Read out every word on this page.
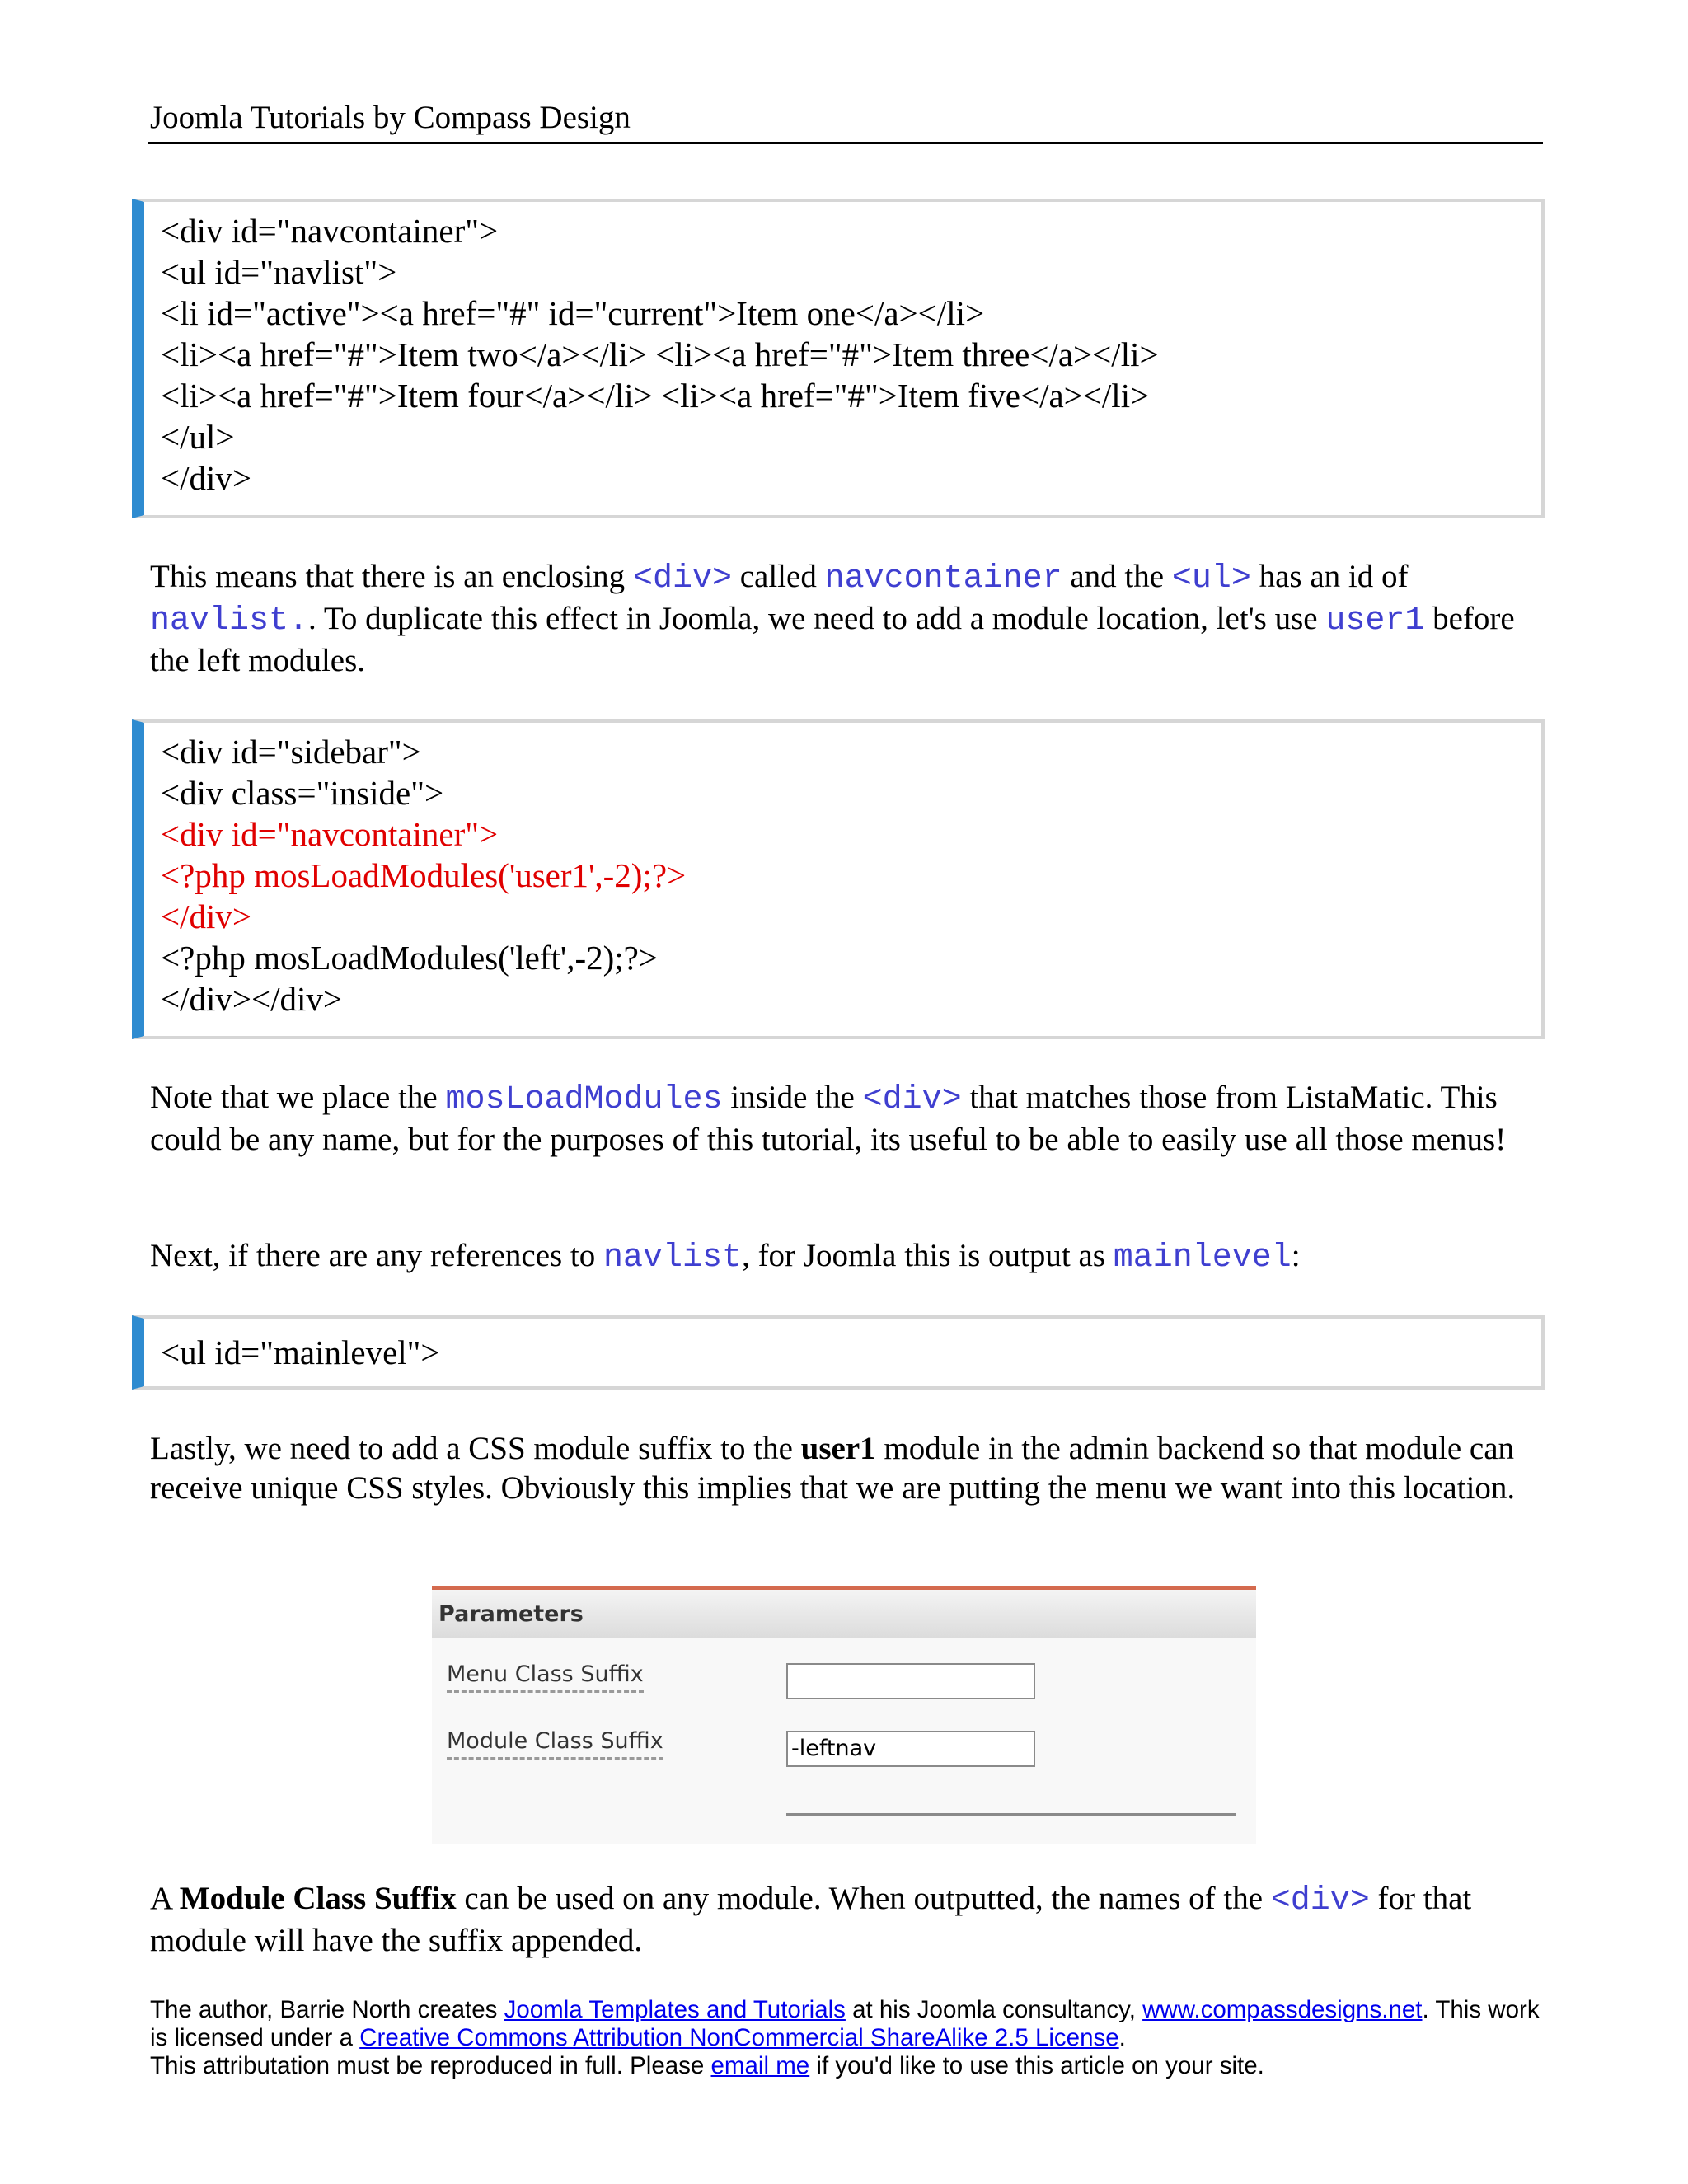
Joomla Tutorials by Compass Design
<div id="navcontainer">
<ul id="navlist">
<li id="active"><a href="#" id="current">Item one</a></li>
<li><a href="#">Item two</a></li> <li><a href="#">Item three</a></li>
<li><a href="#">Item four</a></li> <li><a href="#">Item five</a></li>
</ul>
</div>
This means that there is an enclosing <div> called navcontainer and the <ul> has an id of navlist.. To duplicate this effect in Joomla, we need to add a module location, let's use user1 before the left modules.
<div id="sidebar">
<div class="inside">
<div id="navcontainer">
<?php mosLoadModules('user1',-2);?>
</div>
<?php mosLoadModules('left',-2);?>
</div></div>
Note that we place the mosLoadModules inside the <div> that matches those from ListaMatic. This could be any name, but for the purposes of this tutorial, its useful to be able to easily use all those menus!
Next, if there are any references to navlist, for Joomla this is output as mainlevel:
<ul id="mainlevel">
Lastly, we need to add a CSS module suffix to the user1 module in the admin backend so that module can receive unique CSS styles. Obviously this implies that we are putting the menu we want into this location.
Parameters
Menu Class Suffix
Module Class Suffix	-leftnav
A Module Class Suffix can be used on any module. When outputted, the names of the <div> for that module will have the suffix appended.
The author, Barrie North creates Joomla Templates and Tutorials at his Joomla consultancy, www.compassdesigns.net. This work is licensed under a Creative Commons Attribution NonCommercial ShareAlike 2.5 License.
This attributation must be reproduced in full. Please email me if you'd like to use this article on your site.
